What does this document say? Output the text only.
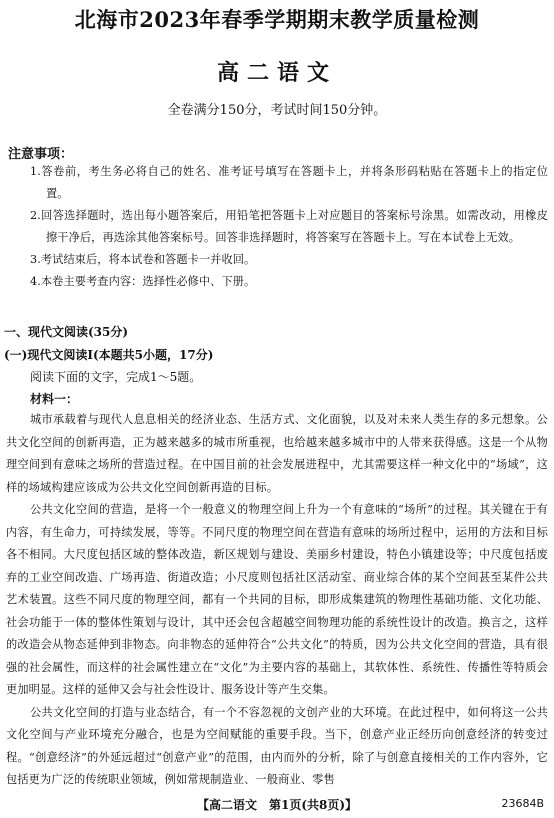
北海市2023年春季学期期末教学质量检测
高二语文
全卷满分150分，考试时间150分钟。
注意事项：
1.答卷前，考生务必将自己的姓名、准考证号填写在答题卡上，并将条形码粘贴在答题卡上的指定位置。
2.回答选择题时，选出每小题答案后，用铅笔把答题卡上对应题目的答案标号涂黑。如需改动，用橡皮擦干净后，再选涂其他答案标号。回答非选择题时，将答案写在答题卡上。写在本试卷上无效。
3.考试结束后，将本试卷和答题卡一并收回。
4.本卷主要考查内容：选择性必修中、下册。
一、现代文阅读(35分)
(一)现代文阅读Ⅰ(本题共5小题，17分)
阅读下面的文字，完成1～5题。
材料一：

城市承载着与现代人息息相关的经济业态、生活方式、文化面貌，以及对未来人类生存的多元想象。公共文化空间的创新再造，正为越来越多的城市所重视，也给越来越多城市中的人带来获得感。这是一个从物理空间到有意味之场所的营造过程。在中国目前的社会发展进程中，尤其需要这样一种文化中的“场域”，这样的场域构建应该成为公共文化空间创新再造的目标。

公共文化空间的营造，是将一个一般意义的物理空间上升为一个有意味的“场所”的过程。其关键在于有内容，有生命力，可持续发展，等等。不同尺度的物理空间在营造有意味的场所过程中，运用的方法和目标各不相同。大尺度包括区域的整体改造，新区规划与建设、美丽乡村建设，特色小镇建设等；中尺度包括废弃的工业空间改造、广场再造、街道改造；小尺度则包括社区活动室、商业综合体的某个空间甚至某件公共艺术装置。这些不同尺度的物理空间，都有一个共同的目标，即形成集建筑的物理性基础功能、文化功能、社会功能于一体的整体性策划与设计，其中还会包含超越空间物理功能的系统性设计的改造。换言之，这样的改造会从物态延伸到非物态。向非物态的延伸符合“公共文化”的特质，因为公共文化空间的营造，具有很强的社会属性，而这样的社会属性建立在“文化”为主要内容的基础上，其软体性、系统性、传播性等特质会更加明显。这样的延伸又会与社会性设计、服务设计等产生交集。

公共文化空间的打造与业态结合，有一个不容忽视的文创产业的大环境。在此过程中，如何将这一公共文化空间与产业环境充分融合，也是为空间赋能的重要手段。当下，创意产业正经历向创意经济的转变过程。“创意经济”的外延远超过“创意产业”的范围，由内而外的分析，除了与创意直接相关的工作内容外，它包括更为广泛的传统职业领域，例如常规制造业、一般商业、零售

【高二语文　第1页(共8页)】	23684B
